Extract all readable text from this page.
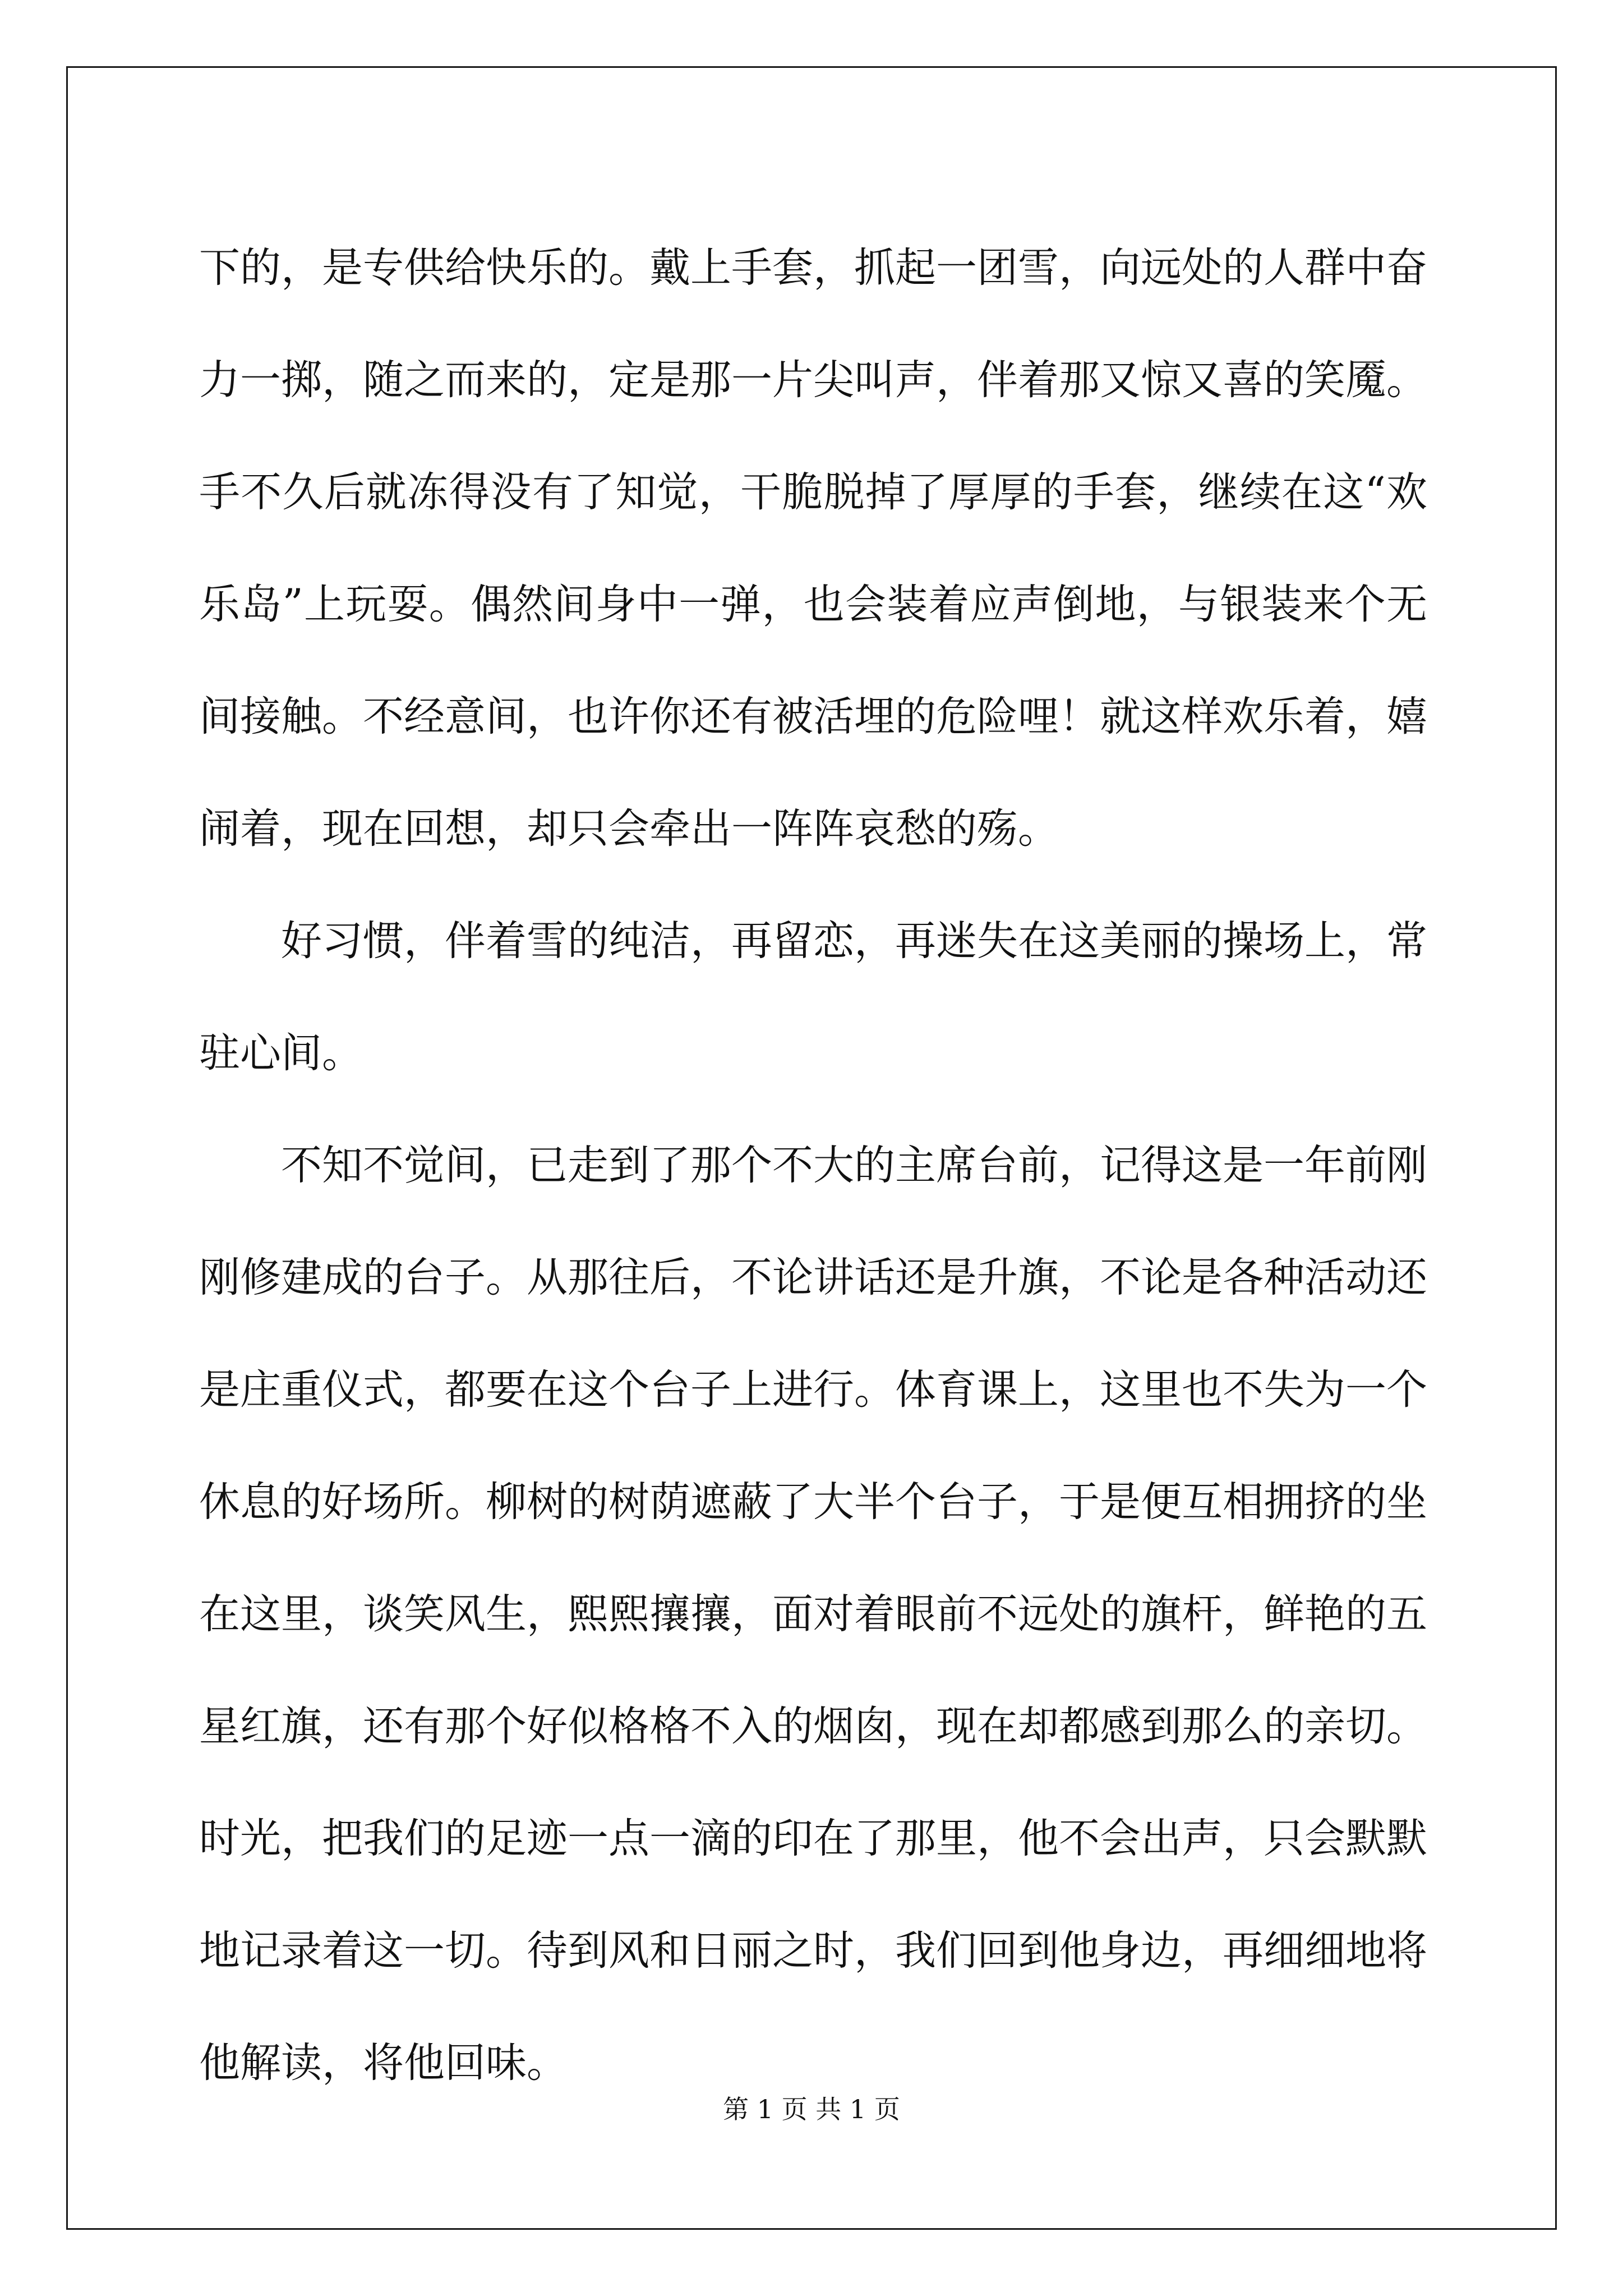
下的，是专供给快乐的。戴上手套，抓起一团雪，向远处的人群中奋
力一掷，随之而来的，定是那一片尖叫声，伴着那又惊又喜的笑魇。
手不久后就冻得没有了知觉，干脆脱掉了厚厚的手套，继续在这“欢
乐岛”上玩耍。偶然间身中一弹，也会装着应声倒地，与银装来个无
间接触。不经意间，也许你还有被活埋的危险哩！就这样欢乐着，嬉
闹着，现在回想，却只会牵出一阵阵哀愁的殇。
好习惯，伴着雪的纯洁，再留恋，再迷失在这美丽的操场上，常
驻心间。
不知不觉间，已走到了那个不大的主席台前，记得这是一年前刚
刚修建成的台子。从那往后，不论讲话还是升旗，不论是各种活动还
是庄重仪式，都要在这个台子上进行。体育课上，这里也不失为一个
休息的好场所。柳树的树荫遮蔽了大半个台子，于是便互相拥挤的坐
在这里，谈笑风生，熙熙攘攘，面对着眼前不远处的旗杆，鲜艳的五
星红旗，还有那个好似格格不入的烟囱，现在却都感到那么的亲切。
时光，把我们的足迹一点一滴的印在了那里，他不会出声，只会默默
地记录着这一切。待到风和日丽之时，我们回到他身边，再细细地将
他解读，将他回味。
第 1 页 共 1 页
